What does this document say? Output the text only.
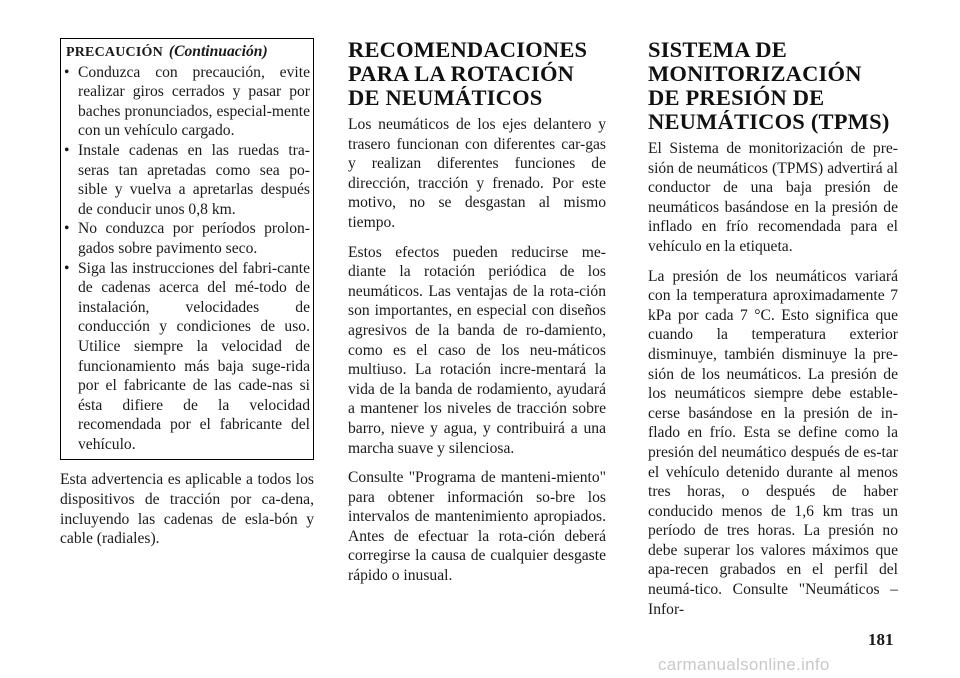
PRECAUCIÓN (Continuación)
• Conduzca con precaución, evite realizar giros cerrados y pasar por baches pronunciados, especial-mente con un vehículo cargado.
• Instale cadenas en las ruedas tra-seras tan apretadas como sea po-sible y vuelva a apretarlas después de conducir unos 0,8 km.
• No conduzca por períodos prolon-gados sobre pavimento seco.
• Siga las instrucciones del fabri-cante de cadenas acerca del mé-todo de instalación, velocidades de conducción y condiciones de uso. Utilice siempre la velocidad de funcionamiento más baja suge-rida por el fabricante de las cade-nas si ésta difiere de la velocidad recomendada por el fabricante del vehículo.

Esta advertencia es aplicable a todos los dispositivos de tracción por ca-dena, incluyendo las cadenas de esla-bón y cable (radiales).

RECOMENDACIONES PARA LA ROTACIÓN DE NEUMÁTICOS

Los neumáticos de los ejes delantero y trasero funcionan con diferentes car-gas y realizan diferentes funciones de dirección, tracción y frenado. Por este motivo, no se desgastan al mismo tiempo.

Estos efectos pueden reducirse me-diante la rotación periódica de los neumáticos. Las ventajas de la rota-ción son importantes, en especial con diseños agresivos de la banda de ro-damiento, como es el caso de los neu-máticos multiuso. La rotación incre-mentará la vida de la banda de rodamiento, ayudará a mantener los niveles de tracción sobre barro, nieve y agua, y contribuirá a una marcha suave y silenciosa.

Consulte "Programa de manteni-miento" para obtener información so-bre los intervalos de mantenimiento apropiados. Antes de efectuar la rota-ción deberá corregirse la causa de cualquier desgaste rápido o inusual.

SISTEMA DE MONITORIZACIÓN DE PRESIÓN DE NEUMÁTICOS (TPMS)

El Sistema de monitorización de pre-sión de neumáticos (TPMS) advertirá al conductor de una baja presión de neumáticos basándose en la presión de inflado en frío recomendada para el vehículo en la etiqueta.

La presión de los neumáticos variará con la temperatura aproximadamente 7 kPa por cada 7 °C. Esto significa que cuando la temperatura exterior disminuye, también disminuye la pre-sión de los neumáticos. La presión de los neumáticos siempre debe estable-cerse basándose en la presión de in-flado en frío. Esta se define como la presión del neumático después de es-tar el vehículo detenido durante al menos tres horas, o después de haber conducido menos de 1,6 km tras un período de tres horas. La presión no debe superar los valores máximos que apa-recen grabados en el perfil del neumá-tico. Consulte "Neumáticos – Infor-

181
carmanualsonline.info
